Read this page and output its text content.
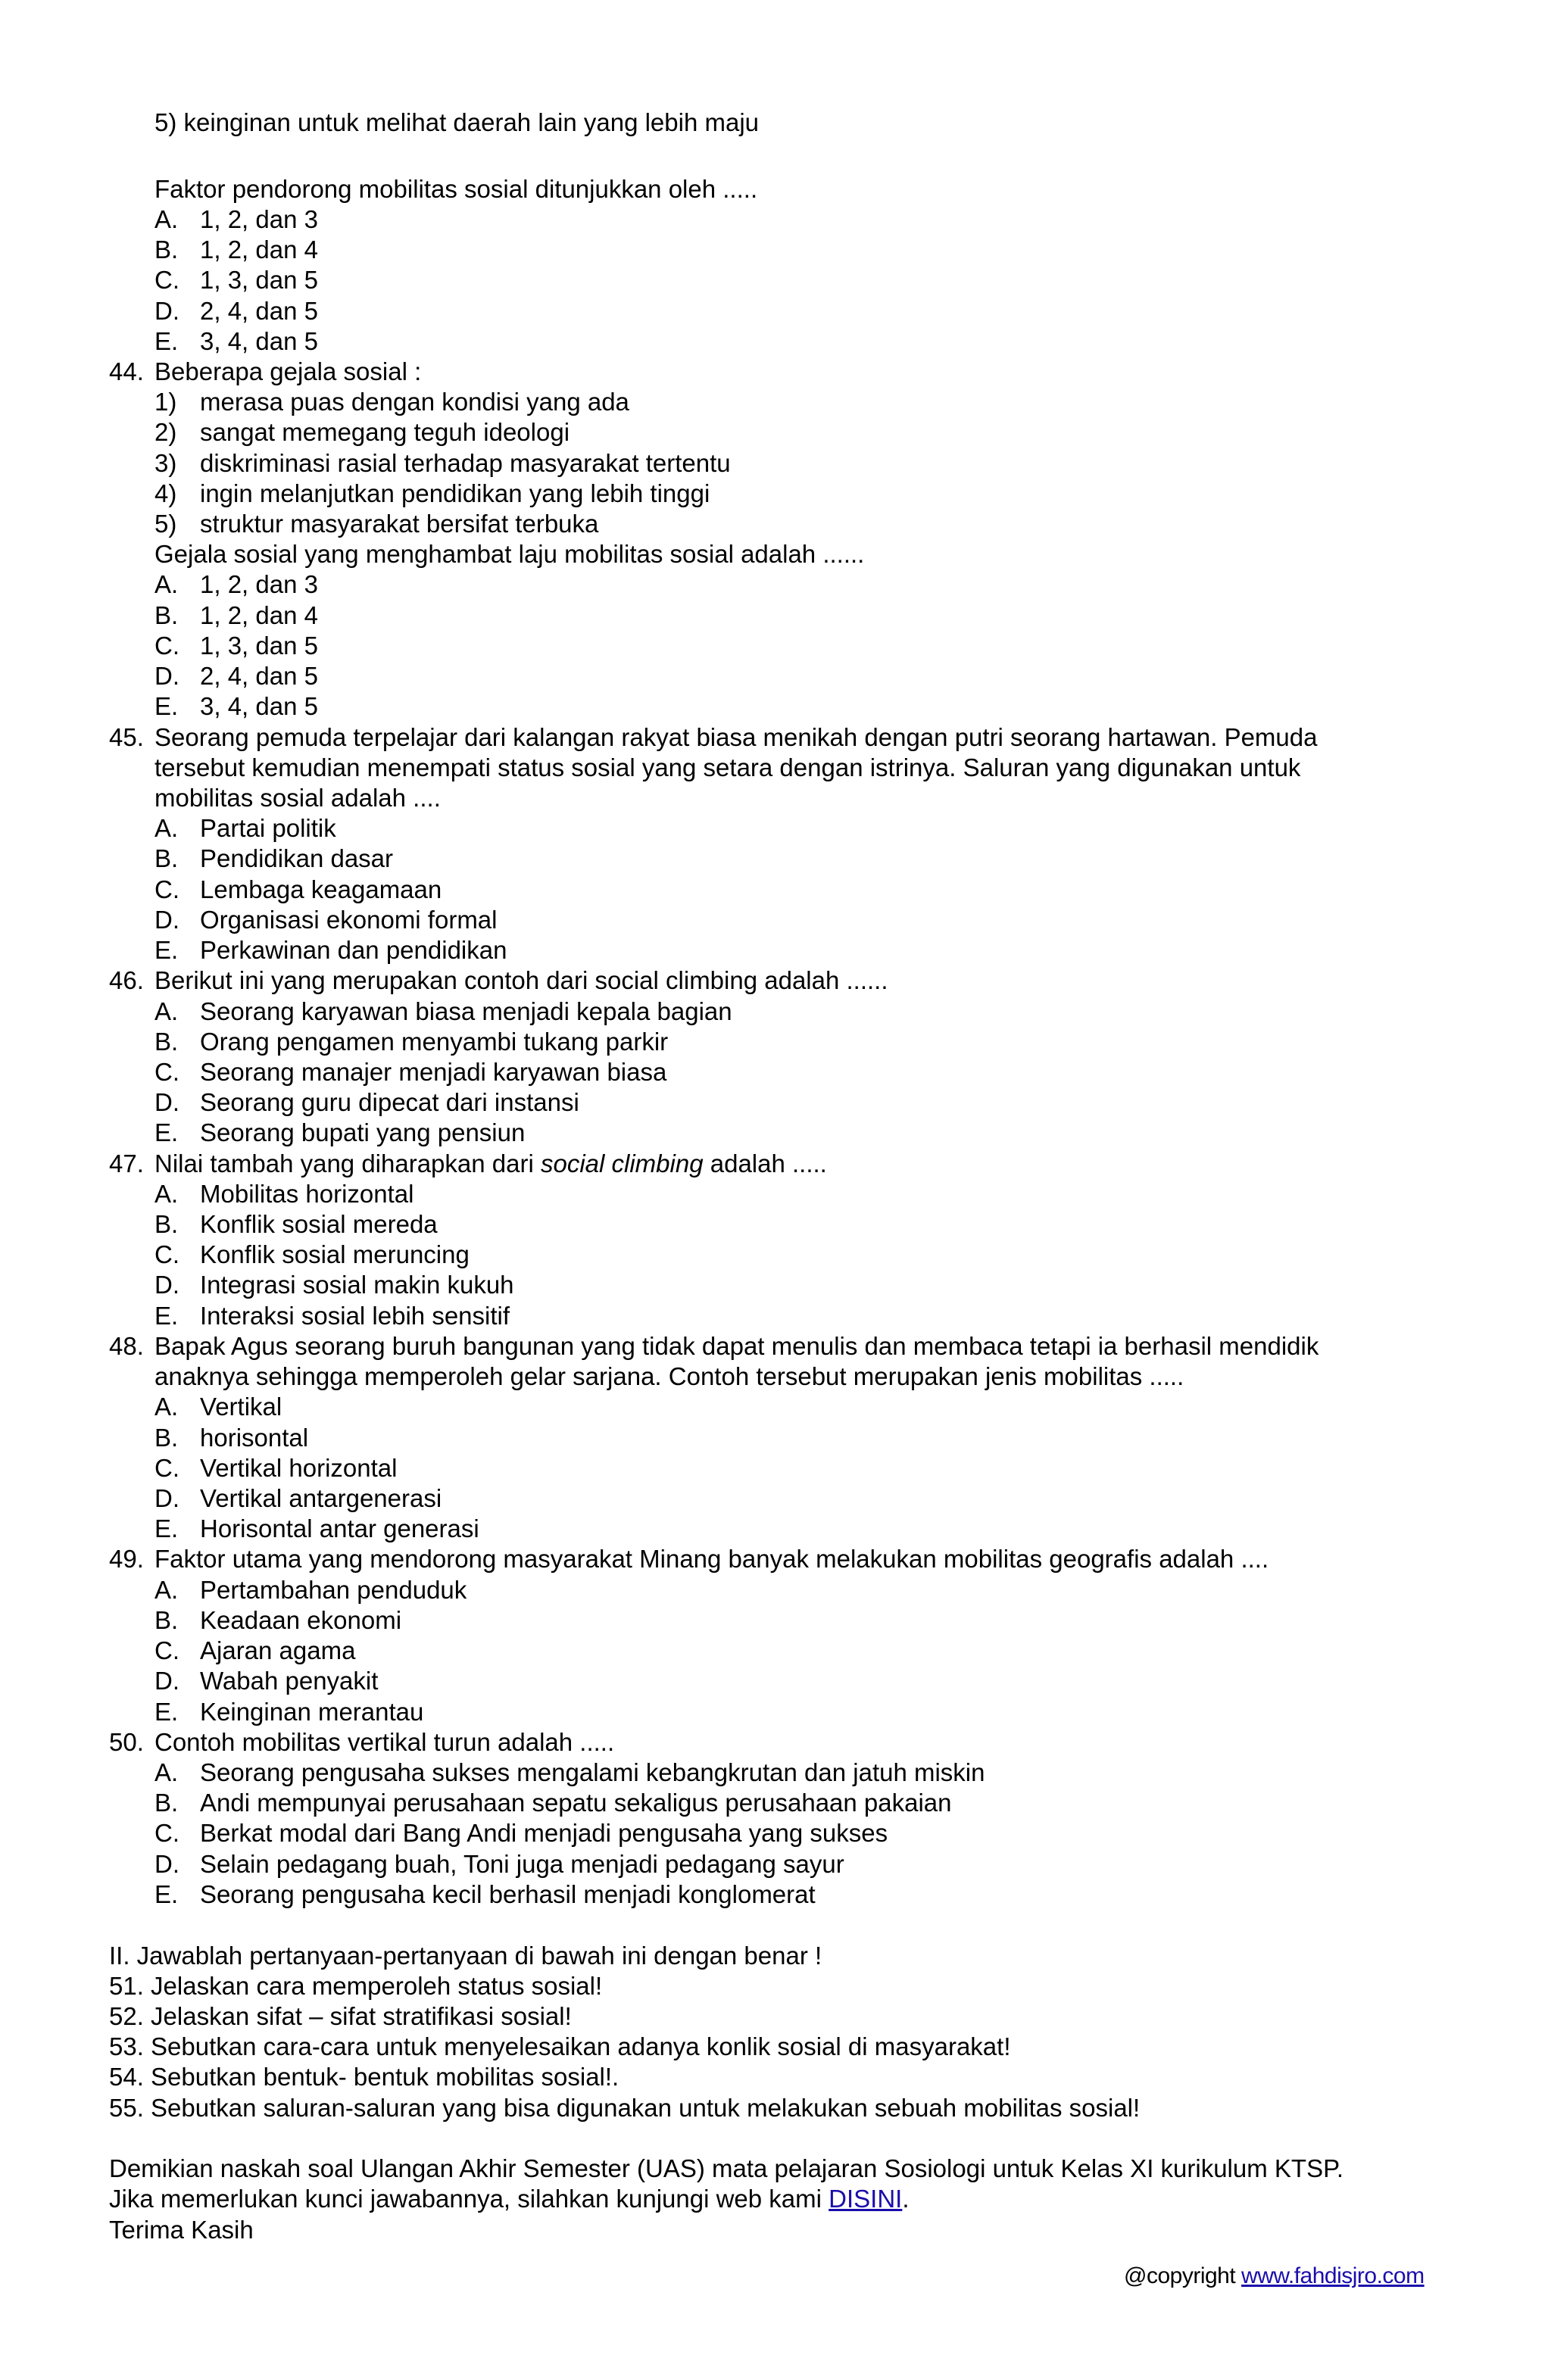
5) keinginan untuk melihat daerah lain yang lebih maju
Faktor pendorong mobilitas sosial ditunjukkan oleh .....
A. 1, 2, dan 3
B. 1, 2, dan 4
C. 1, 3, dan 5
D. 2, 4, dan 5
E. 3, 4, dan 5
44. Beberapa gejala sosial :
1) merasa puas dengan kondisi yang ada
2) sangat memegang teguh ideologi
3) diskriminasi rasial terhadap masyarakat tertentu
4) ingin melanjutkan pendidikan yang lebih tinggi
5) struktur masyarakat bersifat terbuka
Gejala sosial yang menghambat laju mobilitas sosial adalah ......
A. 1, 2, dan 3
B. 1, 2, dan 4
C. 1, 3, dan 5
D. 2, 4, dan 5
E. 3, 4, dan 5
45. Seorang pemuda terpelajar dari kalangan rakyat biasa menikah dengan putri seorang hartawan. Pemuda
tersebut kemudian menempati status sosial yang setara dengan istrinya. Saluran yang digunakan untuk
mobilitas sosial adalah ....
A. Partai politik
B. Pendidikan dasar
C. Lembaga keagamaan
D. Organisasi ekonomi formal
E. Perkawinan dan pendidikan
46. Berikut ini yang merupakan contoh dari social climbing adalah ......
A. Seorang karyawan biasa menjadi kepala bagian
B. Orang pengamen menyambi tukang parkir
C. Seorang manajer menjadi karyawan biasa
D. Seorang guru dipecat dari instansi
E. Seorang bupati yang pensiun
47. Nilai tambah yang diharapkan dari social climbing adalah .....
A. Mobilitas horizontal
B. Konflik sosial mereda
C. Konflik sosial meruncing
D. Integrasi sosial makin kukuh
E. Interaksi sosial lebih sensitif
48. Bapak Agus seorang buruh bangunan yang tidak dapat menulis dan membaca tetapi ia berhasil mendidik
anaknya sehingga memperoleh gelar sarjana. Contoh tersebut merupakan jenis mobilitas .....
A. Vertikal
B. horisontal
C. Vertikal horizontal
D. Vertikal antargenerasi
E. Horisontal antar generasi
49. Faktor utama yang mendorong masyarakat Minang banyak melakukan mobilitas geografis adalah ....
A. Pertambahan penduduk
B. Keadaan ekonomi
C. Ajaran agama
D. Wabah penyakit
E. Keinginan merantau
50. Contoh mobilitas vertikal turun adalah .....
A. Seorang pengusaha sukses mengalami kebangkrutan dan jatuh miskin
B. Andi mempunyai perusahaan sepatu sekaligus perusahaan pakaian
C. Berkat modal dari Bang Andi menjadi pengusaha yang sukses
D. Selain pedagang buah, Toni juga menjadi pedagang sayur
E. Seorang pengusaha kecil berhasil menjadi konglomerat
II. Jawablah pertanyaan-pertanyaan di bawah ini dengan benar !
51. Jelaskan cara memperoleh status sosial!
52. Jelaskan sifat – sifat stratifikasi sosial!
53. Sebutkan cara-cara untuk menyelesaikan adanya konlik sosial di masyarakat!
54. Sebutkan bentuk- bentuk mobilitas sosial!.
55. Sebutkan saluran-saluran yang bisa digunakan untuk melakukan sebuah mobilitas sosial!
Demikian naskah soal Ulangan Akhir Semester (UAS) mata pelajaran Sosiologi untuk Kelas XI kurikulum KTSP.
Jika memerlukan kunci jawabannya, silahkan kunjungi web kami DISINI.
Terima Kasih
@copyright www.fahdisjro.com
